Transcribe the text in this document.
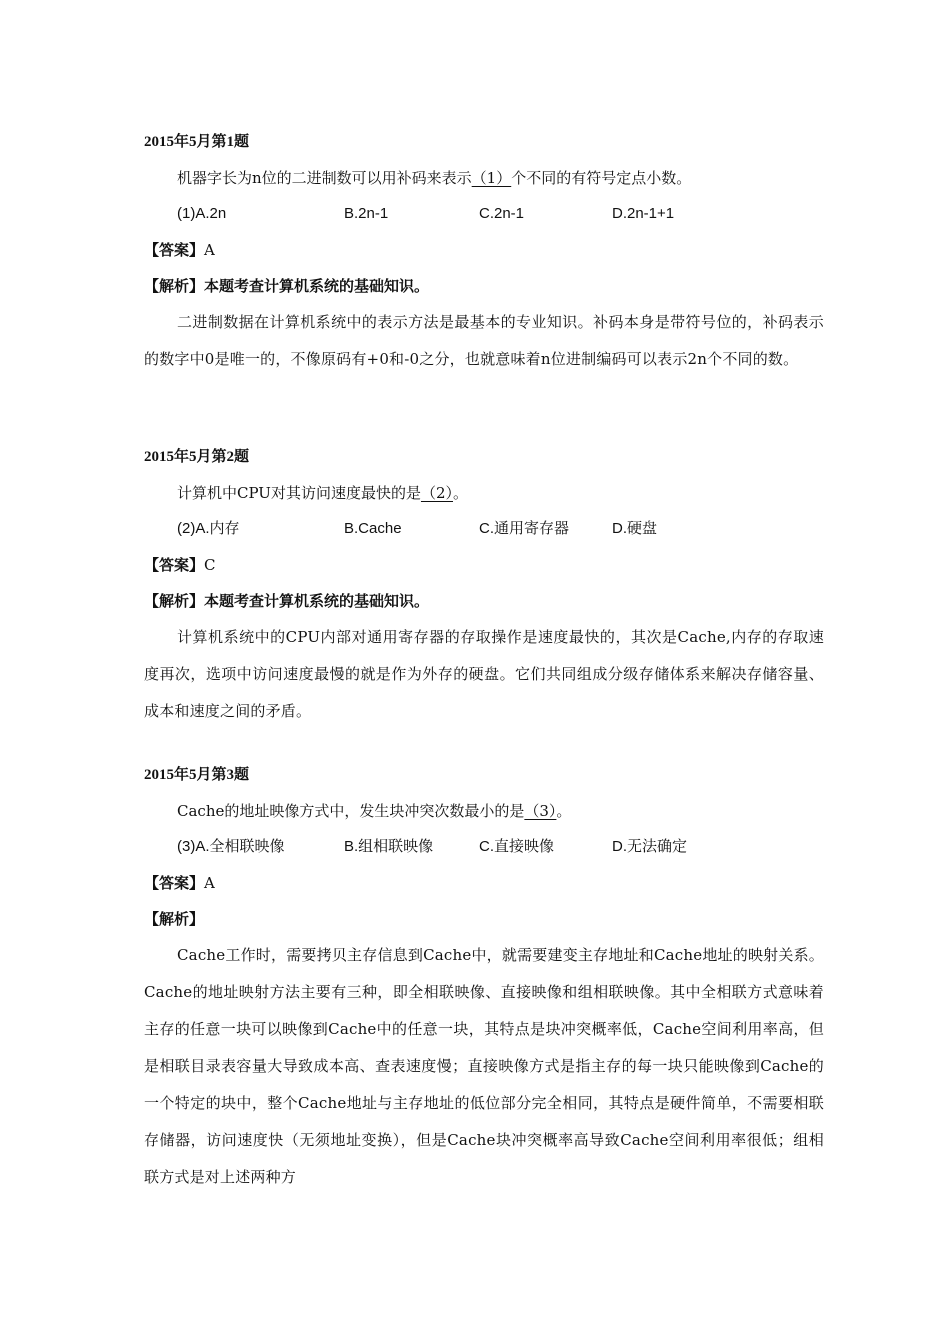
2015年5月第1题
机器字长为n位的二进制数可以用补码来表示（1）个不同的有符号定点小数。
(1)A.2n	B.2n-1	C.2n-1	D.2n-1+1
【答案】A
【解析】本题考查计算机系统的基础知识。
二进制数据在计算机系统中的表示方法是最基本的专业知识。补码本身是带符号位的，补码表示的数字中0是唯一的，不像原码有+0和-0之分，也就意味着n位进制编码可以表示2n个不同的数。
2015年5月第2题
计算机中CPU对其访问速度最快的是（2）。
(2)A.内存	B.Cache	C.通用寄存器	D.硬盘
【答案】C
【解析】本题考查计算机系统的基础知识。
计算机系统中的CPU内部对通用寄存器的存取操作是速度最快的，其次是Cache,内存的存取速度再次，选项中访问速度最慢的就是作为外存的硬盘。它们共同组成分级存储体系来解决存储容量、成本和速度之间的矛盾。
2015年5月第3题
Cache的地址映像方式中，发生块冲突次数最小的是（3）。
(3)A.全相联映像	B.组相联映像	C.直接映像	D.无法确定
【答案】A
【解析】
Cache工作时，需要拷贝主存信息到Cache中，就需要建变主存地址和Cache地址的映射关系。Cache的地址映射方法主要有三种，即全相联映像、直接映像和组相联映像。其中全相联方式意味着主存的任意一块可以映像到Cache中的任意一块，其特点是块冲突概率低，Cache空间利用率高，但是相联目录表容量大导致成本高、查表速度慢；直接映像方式是指主存的每一块只能映像到Cache的一个特定的块中，整个Cache地址与主存地址的低位部分完全相同，其特点是硬件简单，不需要相联存储器，访问速度快（无须地址变换），但是Cache块冲突概率高导致Cache空间利用率很低；组相联方式是对上述两种方
